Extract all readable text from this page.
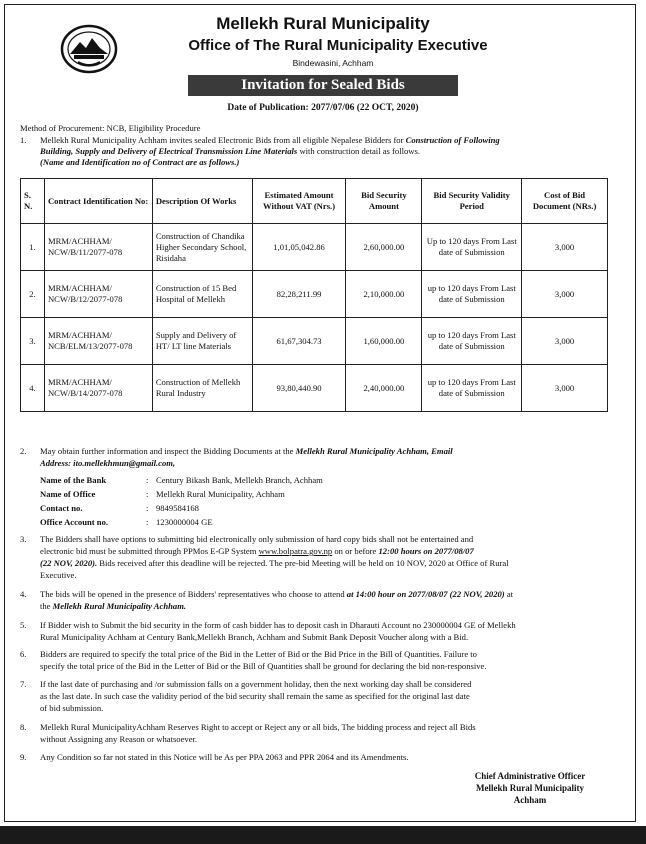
Mellekh Rural Municipality
Office of The Rural Municipality Executive
Bindewasini, Achham
Invitation for Sealed Bids
Date of Publication: 2077/07/06 (22 OCT, 2020)
Method of Procurement: NCB, Eligibility Procedure
1. Mellekh Rural Municipality Achham invites sealed Electronic Bids from all eligible Nepalese Bidders for Construction of Following
Building, Supply and Delivery of Electrical Transmission Line Materials with construction detail as follows.
(Name and Identification no of Contract are as follows.)
S. N.	Contract Identification No:	Description Of Works	Estimated Amount Without VAT (Nrs.)	Bid Security Amount	Bid Security Validity Period	Cost of Bid Document (NRs.)
1.	MRM/ACHHAM/ NCW/B/11/2077-078	Construction of Chandika Higher Secondary School, Risidaha	1,01,05,042.86	2,60,000.00	Up to 120 days From Last date of Submission	3,000
2.	MRM/ACHHAM/ NCW/B/12/2077-078	Construction of 15 Bed Hospital of Mellekh	82,28,211.99	2,10,000.00	up to 120 days From Last date of Submission	3,000
3.	MRM/ACHHAM/ NCB/ELM/13/2077-078	Supply and Delivery of HT/ LT line Materials	61,67,304.73	1,60,000.00	up to 120 days From Last date of Submission	3,000
4.	MRM/ACHHAM/ NCW/B/14/2077-078	Construction of Mellekh Rural Industry	93,80,440.90	2,40,000.00	up to 120 days From Last date of Submission	3,000
2. May obtain further information and inspect the Bidding Documents at the Mellekh Rural Municipality Achham, Email
Address: ito.mellekhmun@gmail.com,
Name of the Bank	: Century Bikash Bank, Mellekh Branch, Achham
Name of Office	: Mellekh Rural Municipality, Achham
Contact no.	: 9849584168
Office Account no.	: 1230000004 GE
3. The Bidders shall have options to submitting bid electronically only submission of hard copy bids shall not be entertained and
electronic bid must be submitted through PPMos E-GP System www.bolpatra.gov.np on or before 12:00 hours on 2077/08/07
(22 NOV, 2020). Bids received after this deadline will be rejected. The pre-bid Meeting will be held on 10 NOV, 2020 at Office of Rural
Executive.
4. The bids will be opened in the presence of Bidders' representatives who choose to attend at 14:00 hour on 2077/08/07 (22 NOV, 2020) at
the Mellekh Rural Municipality Achham.
5. If Bidder wish to Submit the bid security in the form of cash bidder has to deposit cash in Dharauti Account no 230000004 GE of Mellekh
Rural Municipality Achham at Century Bank,Mellekh Branch, Achham and Submit Bank Deposit Voucher along with a Bid.
6. Bidders are required to specify the total price of the Bid in the Letter of Bid or the Bid Price in the Bill of Quantities. Failure to
specify the total price of the Bid in the Letter of Bid or the Bill of Quantities shall be ground for declaring the bid non-responsive.
7. If the last date of purchasing and /or submission falls on a government holiday, then the next working day shall be considered
as the last date. In such case the validity period of the bid security shall remain the same as specified for the original last date
of bid submission.
8. Mellekh Rural MunicipalityAchham Reserves Right to accept or Reject any or all bids, The bidding process and reject all Bids
without Assigning any Reason or whatsoever.
9. Any Condition so far not stated in this Notice will be As per PPA 2063 and PPR 2064 and its Amendments.
Chief Administrative Officer
Mellekh Rural Municipality
Achham
